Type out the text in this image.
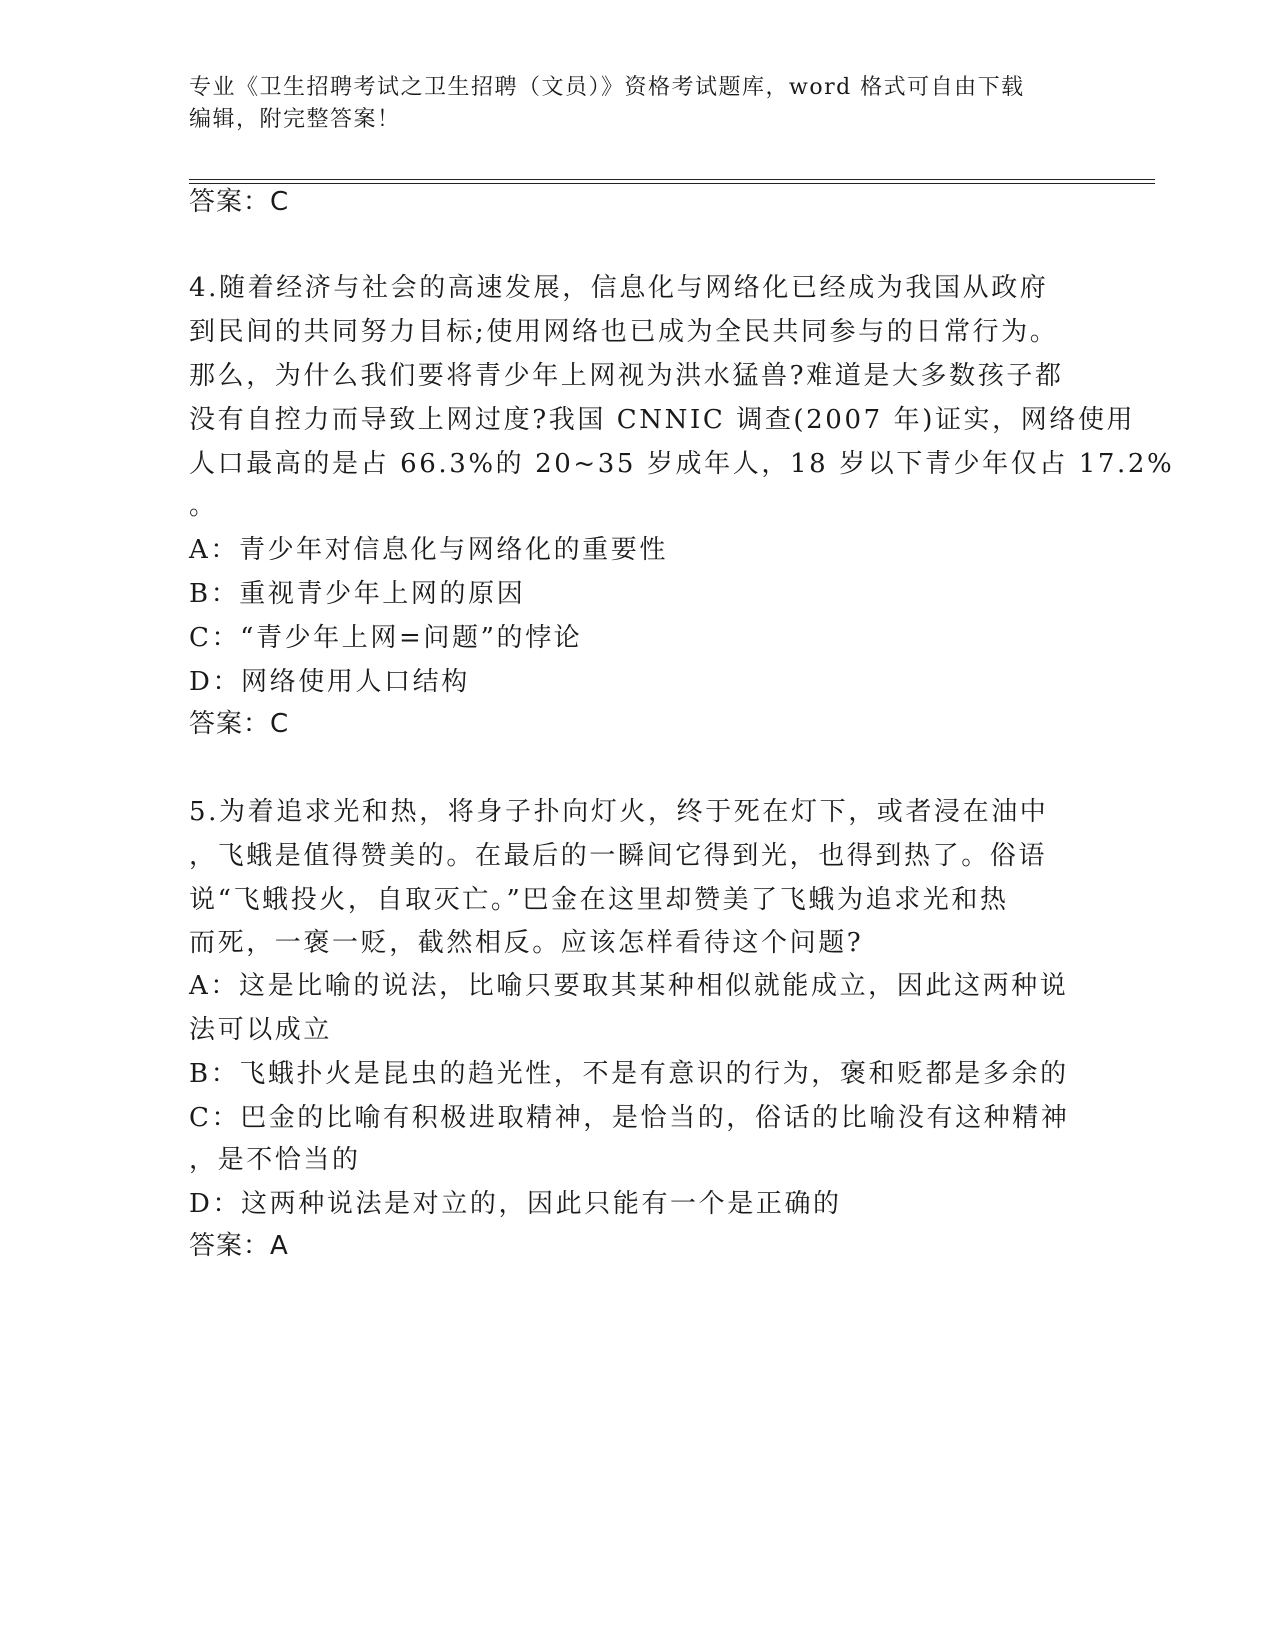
专业《卫生招聘考试之卫生招聘（文员）》资格考试题库，word 格式可自由下载
编辑，附完整答案！
答案：C
4.随着经济与社会的高速发展，信息化与网络化已经成为我国从政府
到民间的共同努力目标;使用网络也已成为全民共同参与的日常行为。
那么，为什么我们要将青少年上网视为洪水猛兽?难道是大多数孩子都
没有自控力而导致上网过度?我国 CNNIC 调查(2007 年)证实，网络使用
人口最高的是占 66.3%的 20~35 岁成年人，18 岁以下青少年仅占 17.2%
。
A：青少年对信息化与网络化的重要性
B：重视青少年上网的原因
C：“青少年上网=问题”的悖论
D：网络使用人口结构
答案：C
5.为着追求光和热，将身子扑向灯火，终于死在灯下，或者浸在油中
，飞蛾是值得赞美的。在最后的一瞬间它得到光，也得到热了。俗语
说“飞蛾投火，自取灭亡。”巴金在这里却赞美了飞蛾为追求光和热
而死，一褒一贬，截然相反。应该怎样看待这个问题?
A：这是比喻的说法，比喻只要取其某种相似就能成立，因此这两种说
法可以成立
B：飞蛾扑火是昆虫的趋光性，不是有意识的行为，褒和贬都是多余的
C：巴金的比喻有积极进取精神，是恰当的，俗话的比喻没有这种精神
，是不恰当的
D：这两种说法是对立的，因此只能有一个是正确的
答案：A
